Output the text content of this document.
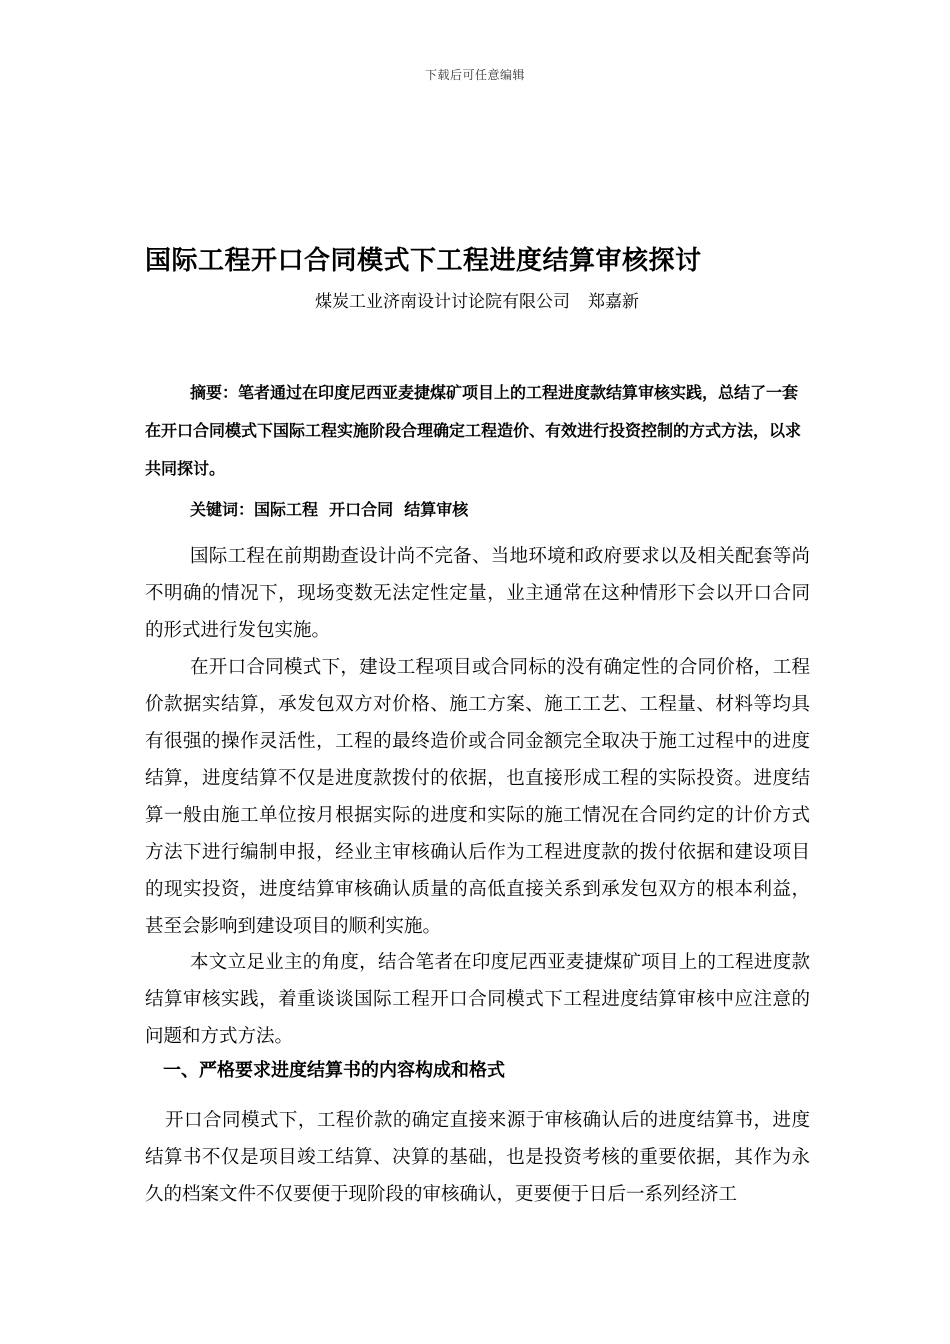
下载后可任意编辑
国际工程开口合同模式下工程进度结算审核探讨
煤炭工业济南设计讨论院有限公司 郑嘉新
摘要：笔者通过在印度尼西亚麦捷煤矿项目上的工程进度款结算审核实践，总结了一套在开口合同模式下国际工程实施阶段合理确定工程造价、有效进行投资控制的方式方法，以求共同探讨。
关键词：国际工程  开口合同  结算审核
国际工程在前期勘查设计尚不完备、当地环境和政府要求以及相关配套等尚不明确的情况下，现场变数无法定性定量，业主通常在这种情形下会以开口合同的形式进行发包实施。
在开口合同模式下，建设工程项目或合同标的没有确定性的合同价格，工程价款据实结算，承发包双方对价格、施工方案、施工工艺、工程量、材料等均具有很强的操作灵活性，工程的最终造价或合同金额完全取决于施工过程中的进度结算，进度结算不仅是进度款拨付的依据，也直接形成工程的实际投资。进度结算一般由施工单位按月根据实际的进度和实际的施工情况在合同约定的计价方式方法下进行编制申报，经业主审核确认后作为工程进度款的拨付依据和建设项目的现实投资，进度结算审核确认质量的高低直接关系到承发包双方的根本利益，甚至会影响到建设项目的顺利实施。
本文立足业主的角度，结合笔者在印度尼西亚麦捷煤矿项目上的工程进度款结算审核实践，着重谈谈国际工程开口合同模式下工程进度结算审核中应注意的问题和方式方法。
一、严格要求进度结算书的内容构成和格式
开口合同模式下，工程价款的确定直接来源于审核确认后的进度结算书，进度结算书不仅是项目竣工结算、决算的基础，也是投资考核的重要依据，其作为永久的档案文件不仅要便于现阶段的审核确认，更要便于日后一系列经济工
